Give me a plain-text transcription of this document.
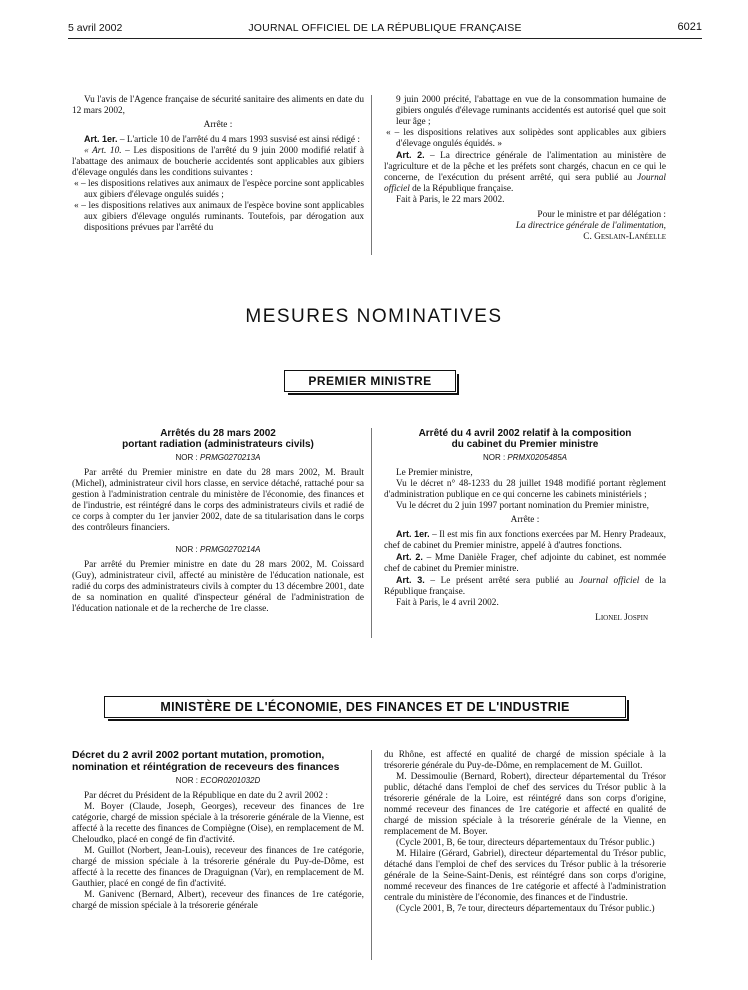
5 avril 2002	JOURNAL OFFICIEL DE LA RÉPUBLIQUE FRANÇAISE	6021

Vu l'avis de l'Agence française de sécurité sanitaire des aliments en date du 12 mars 2002,

Arrête :

Art. 1er. – L'article 10 de l'arrêté du 4 mars 1993 susvisé est ainsi rédigé :

« Art. 10. – Les dispositions de l'arrêté du 9 juin 2000 modifié relatif à l'abattage des animaux de boucherie accidentés sont applicables aux gibiers d'élevage ongulés dans les conditions suivantes :

« – les dispositions relatives aux animaux de l'espèce porcine sont applicables aux gibiers d'élevage ongulés suidés ;

« – les dispositions relatives aux animaux de l'espèce bovine sont applicables aux gibiers d'élevage ongulés ruminants. Toutefois, par dérogation aux dispositions prévues par l'arrêté du

9 juin 2000 précité, l'abattage en vue de la consommation humaine de gibiers ongulés d'élevage ruminants accidentés est autorisé quel que soit leur âge ;

« – les dispositions relatives aux solipèdes sont applicables aux gibiers d'élevage ongulés équidés. »

Art. 2. – La directrice générale de l'alimentation au ministère de l'agriculture et de la pêche et les préfets sont chargés, chacun en ce qui le concerne, de l'exécution du présent arrêté, qui sera publié au Journal officiel de la République française.

Fait à Paris, le 22 mars 2002.

Pour le ministre et par délégation :

La directrice générale de l'alimentation,

C. Geslain-Lanéelle

MESURES NOMINATIVES
PREMIER MINISTRE
Arrêtés du 28 mars 2002
portant radiation (administrateurs civils)
NOR : PRMG0270213A

Par arrêté du Premier ministre en date du 28 mars 2002, M. Brault (Michel), administrateur civil hors classe, en service détaché, rattaché pour sa gestion à l'administration centrale du ministère de l'économie, des finances et de l'industrie, est réintégré dans le corps des administrateurs civils et radié de ce corps à compter du 1er janvier 2002, date de sa titularisation dans le corps des contrôleurs financiers.

NOR : PRMG0270214A

Par arrêté du Premier ministre en date du 28 mars 2002, M. Coissard (Guy), administrateur civil, affecté au ministère de l'éducation nationale, est radié du corps des administrateurs civils à compter du 13 décembre 2001, date de sa nomination en qualité d'inspecteur général de l'administration de l'éducation nationale et de la recherche de 1re classe.

Arrêté du 4 avril 2002 relatif à la composition
du cabinet du Premier ministre
NOR : PRMX0205485A

Le Premier ministre,

Vu le décret n° 48-1233 du 28 juillet 1948 modifié portant règlement d'administration publique en ce qui concerne les cabinets ministériels ;

Vu le décret du 2 juin 1997 portant nomination du Premier ministre,

Arrête :

Art. 1er. – Il est mis fin aux fonctions exercées par M. Henry Pradeaux, chef de cabinet du Premier ministre, appelé à d'autres fonctions.

Art. 2. – Mme Danièle Frager, chef adjointe du cabinet, est nommée chef de cabinet du Premier ministre.

Art. 3. – Le présent arrêté sera publié au Journal officiel de la République française.

Fait à Paris, le 4 avril 2002.

Lionel Jospin

MINISTÈRE DE L'ÉCONOMIE, DES FINANCES ET DE L'INDUSTRIE
Décret du 2 avril 2002 portant mutation, promotion, nomination et réintégration de receveurs des finances
NOR : ECOR0201032D

Par décret du Président de la République en date du 2 avril 2002 :

M. Boyer (Claude, Joseph, Georges), receveur des finances de 1re catégorie, chargé de mission spéciale à la trésorerie générale de la Vienne, est affecté à la recette des finances de Compiègne (Oise), en remplacement de M. Cheloudko, placé en congé de fin d'activité.

M. Guillot (Norbert, Jean-Louis), receveur des finances de 1re catégorie, chargé de mission spéciale à la trésorerie générale du Puy-de-Dôme, est affecté à la recette des finances de Draguignan (Var), en remplacement de M. Gauthier, placé en congé de fin d'activité.

M. Ganivenc (Bernard, Albert), receveur des finances de 1re catégorie, chargé de mission spéciale à la trésorerie générale

du Rhône, est affecté en qualité de chargé de mission spéciale à la trésorerie générale du Puy-de-Dôme, en remplacement de M. Guillot.

M. Dessimoulie (Bernard, Robert), directeur départemental du Trésor public, détaché dans l'emploi de chef des services du Trésor public à la trésorerie générale de la Loire, est réintégré dans son corps d'origine, nommé receveur des finances de 1re catégorie et affecté en qualité de chargé de mission spéciale à la trésorerie générale de la Vienne, en remplacement de M. Boyer.

(Cycle 2001, B, 6e tour, directeurs départementaux du Trésor public.)

M. Hilaire (Gérard, Gabriel), directeur départemental du Trésor public, détaché dans l'emploi de chef des services du Trésor public à la trésorerie générale de la Seine-Saint-Denis, est réintégré dans son corps d'origine, nommé receveur des finances de 1re catégorie et affecté à l'administration centrale du ministère de l'économie, des finances et de l'industrie.

(Cycle 2001, B, 7e tour, directeurs départementaux du Trésor public.)
